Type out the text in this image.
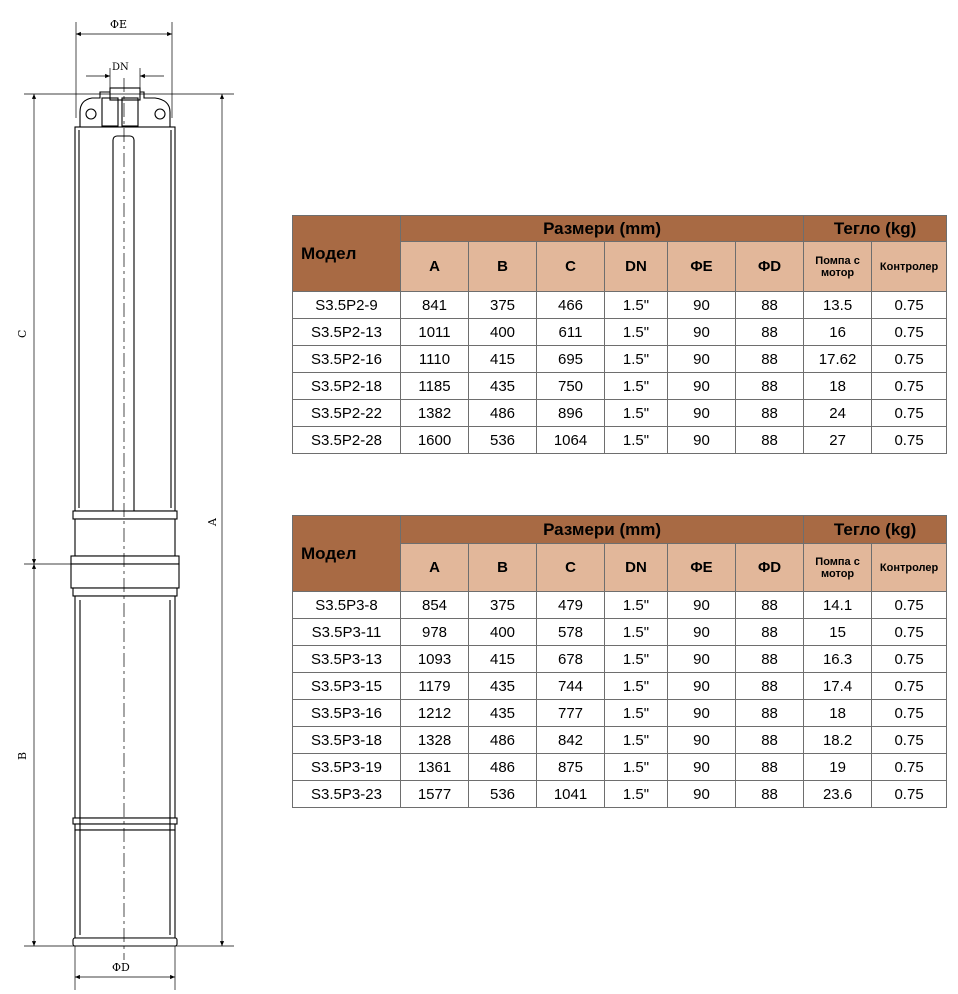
ΦE
DN
C
B
A
ΦD
Модел	Размери (mm)						Тегло (kg)	
	A	B	C	DN	ΦE	ΦD	Помпа с мотор	Контролер
S3.5P2-9	841	375	466	1.5"	90	88	13.5	0.75
S3.5P2-13	1011	400	611	1.5"	90	88	16	0.75
S3.5P2-16	1110	415	695	1.5"	90	88	17.62	0.75
S3.5P2-18	1185	435	750	1.5"	90	88	18	0.75
S3.5P2-22	1382	486	896	1.5"	90	88	24	0.75
S3.5P2-28	1600	536	1064	1.5"	90	88	27	0.75
Модел	Размери (mm)						Тегло (kg)	
	A	B	C	DN	ΦE	ΦD	Помпа с мотор	Контролер
S3.5P3-8	854	375	479	1.5"	90	88	14.1	0.75
S3.5P3-11	978	400	578	1.5"	90	88	15	0.75
S3.5P3-13	1093	415	678	1.5"	90	88	16.3	0.75
S3.5P3-15	1179	435	744	1.5"	90	88	17.4	0.75
S3.5P3-16	1212	435	777	1.5"	90	88	18	0.75
S3.5P3-18	1328	486	842	1.5"	90	88	18.2	0.75
S3.5P3-19	1361	486	875	1.5"	90	88	19	0.75
S3.5P3-23	1577	536	1041	1.5"	90	88	23.6	0.75
